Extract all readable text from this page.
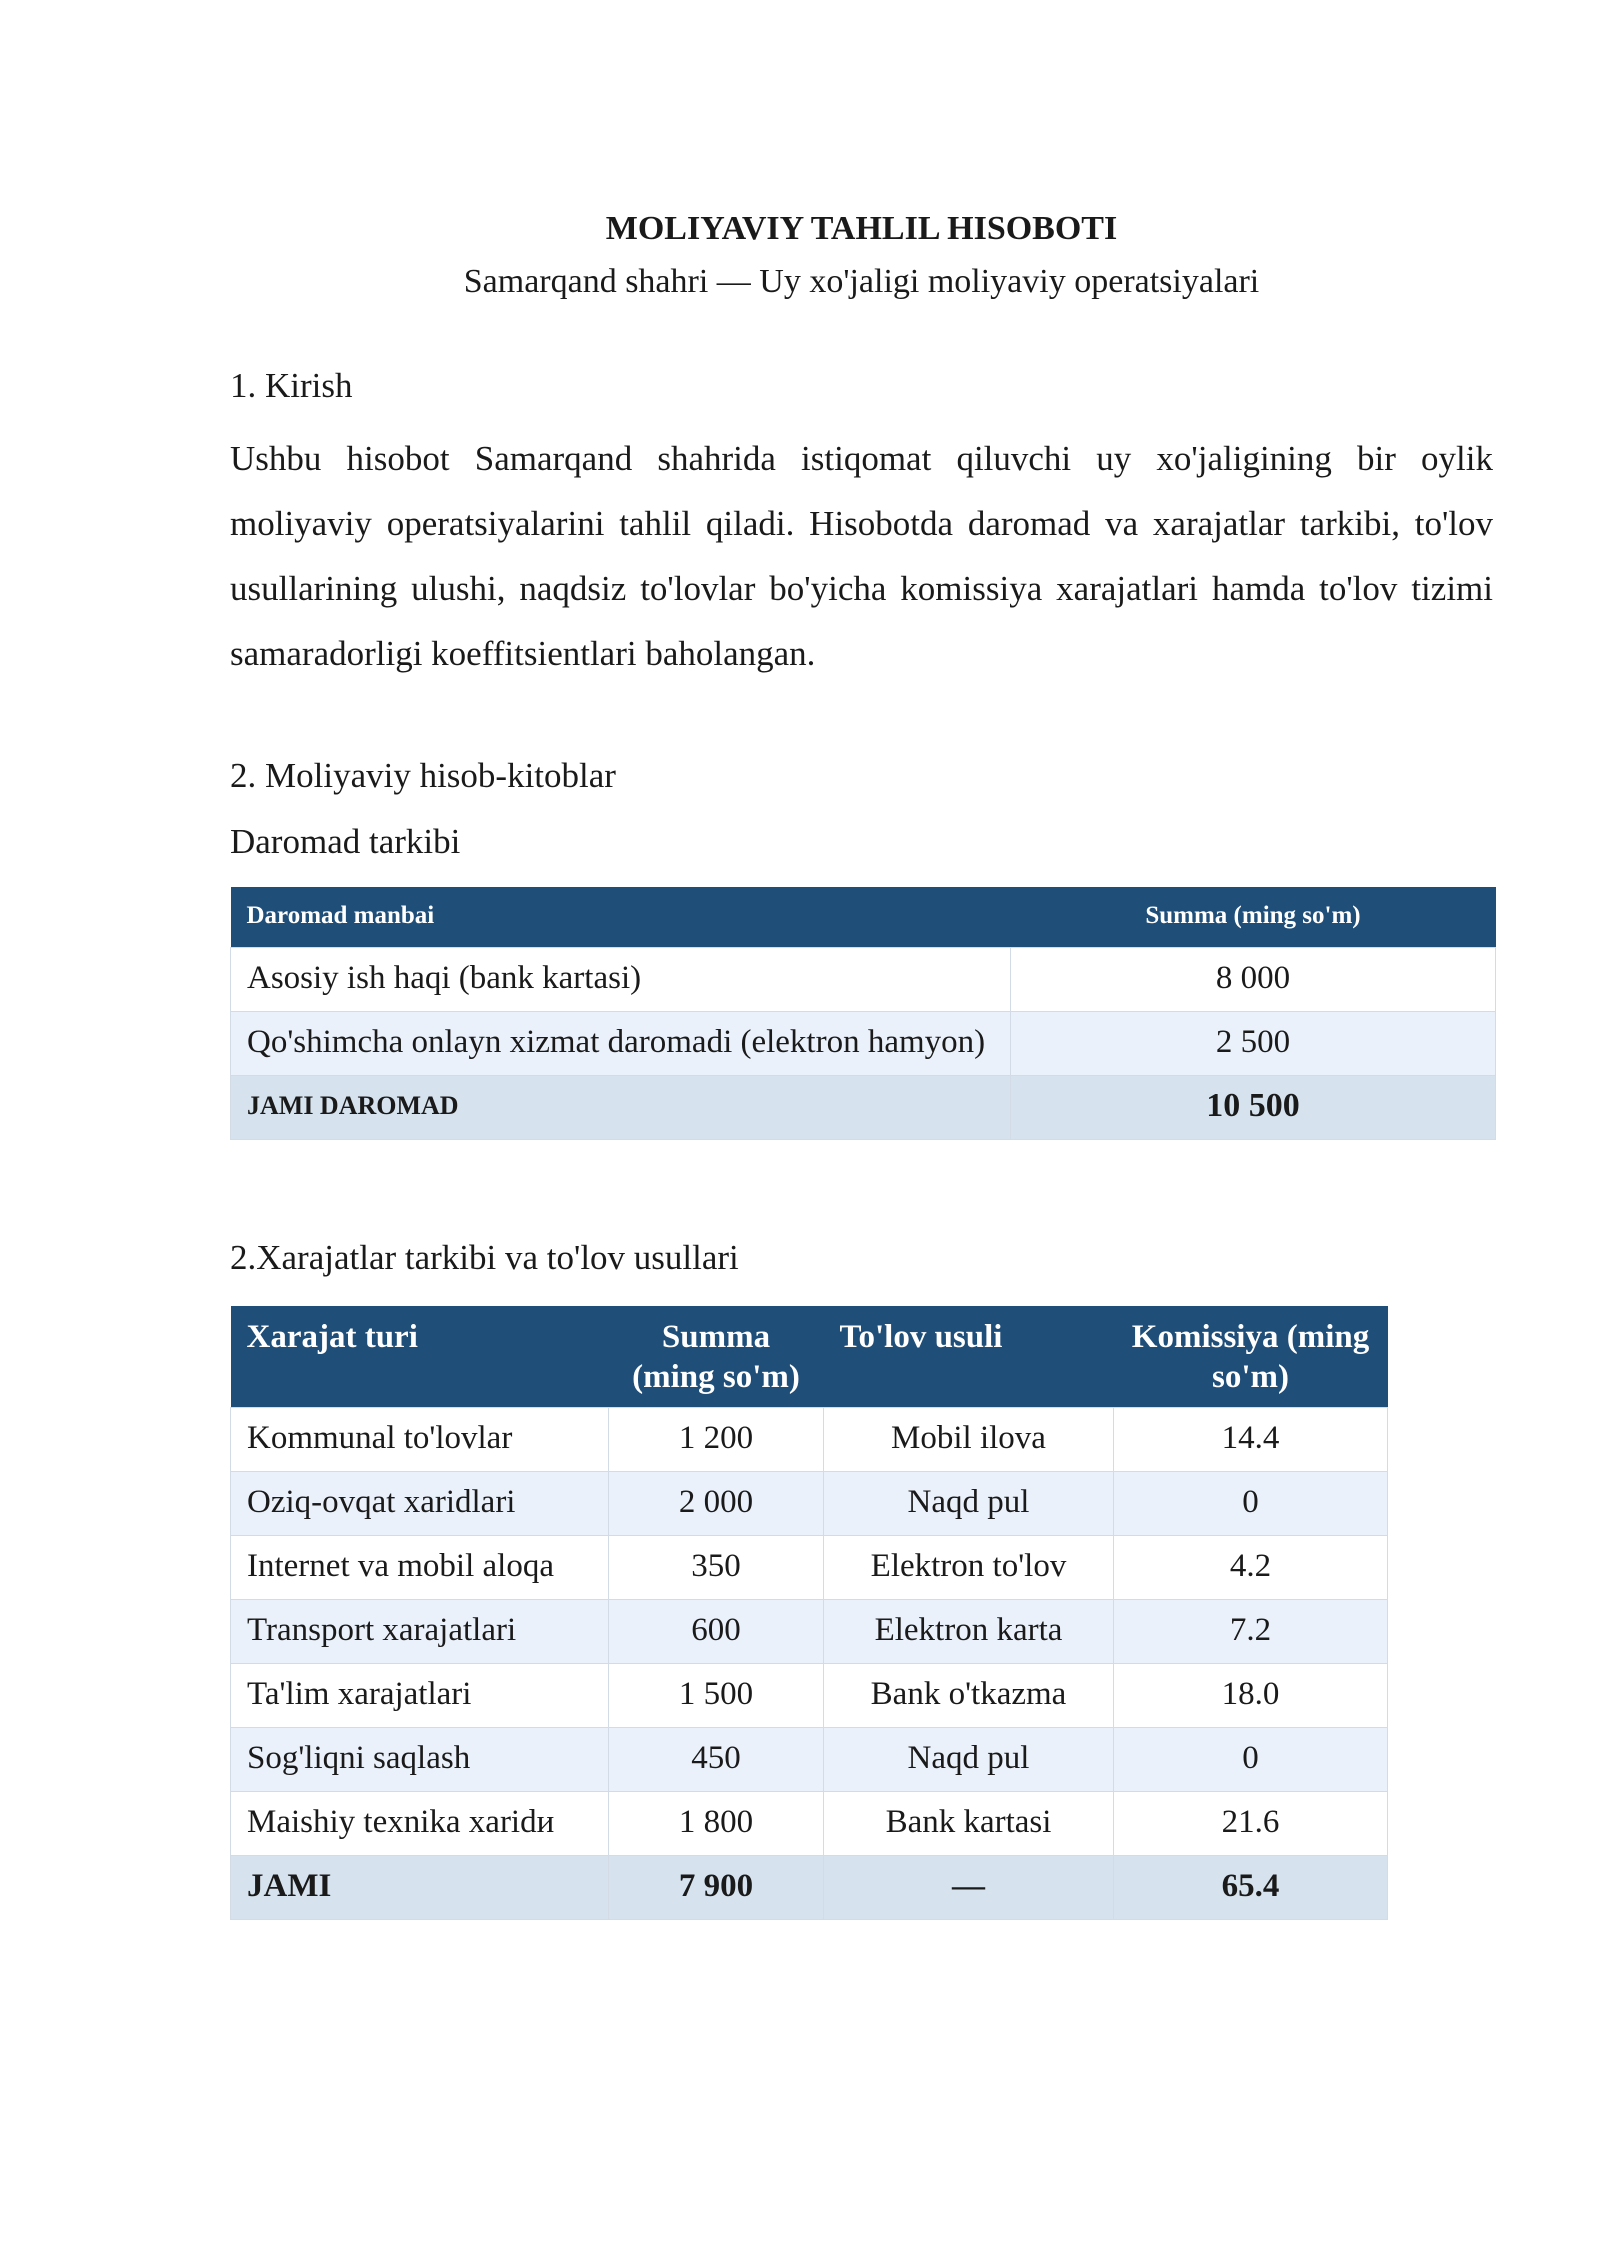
MOLIYAVIY TAHLIL HISOBOTI
Samarqand shahri — Uy xo'jaligi moliyaviy operatsiyalari
1. Kirish

Ushbu hisobot Samarqand shahrida istiqomat qiluvchi uy xo'jaligining bir oylik moliyaviy operatsiyalarini tahlil qiladi. Hisobotda daromad va xarajatlar tarkibi, to'lov usullarining ulushi, naqdsiz to'lovlar bo'yicha komissiya xarajatlari hamda to'lov tizimi samaradorligi koeffitsientlari baholangan.

2. Moliyaviy hisob-kitoblar
Daromad tarkibi
Daromad manbai	Summa (ming so'm)
Asosiy ish haqi (bank kartasi)	8 000
Qo'shimcha onlayn xizmat daromadi (elektron hamyon)	2 500
JAMI DAROMAD	10 500
2.Xarajatlar tarkibi va to'lov usullari
Xarajat turi	Summa (ming so'm)	To'lov usuli	Komissiya (ming so'm)
Kommunal to'lovlar	1 200	Mobil ilova	14.4
Oziq-ovqat xaridlari	2 000	Naqd pul	0
Internet va mobil aloqa	350	Elektron to'lov	4.2
Transport xarajatlari	600	Elektron karta	7.2
Ta'lim xarajatlari	1 500	Bank o'tkazma	18.0
Sog'liqni saqlash	450	Naqd pul	0
Maishiy texnika xaridи	1 800	Bank kartasi	21.6
JAMI	7 900	—	65.4
